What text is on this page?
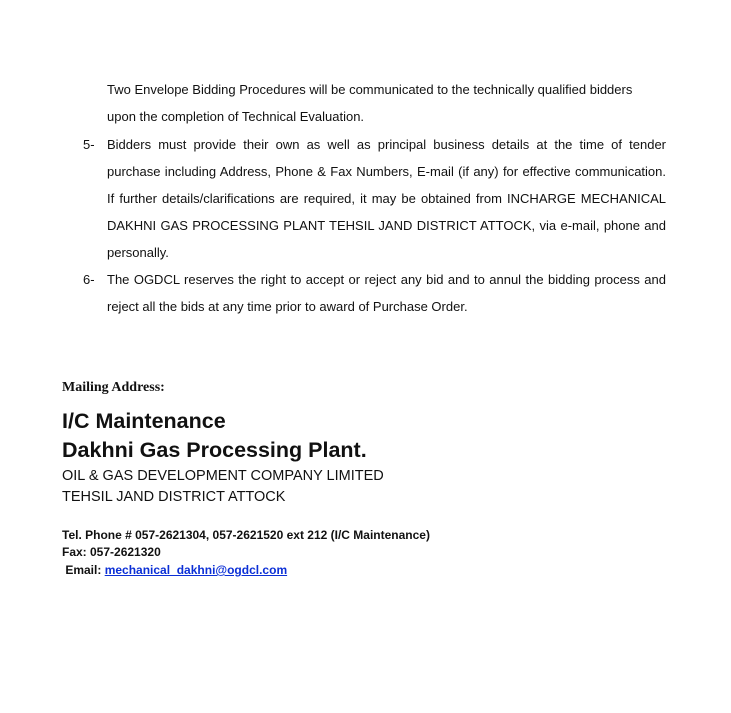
Two Envelope Bidding Procedures will be communicated to the technically qualified bidders
upon the completion of Technical Evaluation.
5- Bidders must provide their own as well as principal business details at the time of tender purchase including Address, Phone & Fax Numbers, E-mail (if any) for effective communication. If further details/clarifications are required, it may be obtained from INCHARGE MECHANICAL DAKHNI GAS PROCESSING PLANT TEHSIL JAND DISTRICT ATTOCK, via e-mail, phone and personally.
6- The OGDCL reserves the right to accept or reject any bid and to annul the bidding process and reject all the bids at any time prior to award of Purchase Order.
Mailing Address:
I/C Maintenance
Dakhni Gas Processing Plant.
OIL & GAS DEVELOPMENT COMPANY LIMITED
TEHSIL JAND DISTRICT ATTOCK
Tel. Phone # 057-2621304, 057-2621520 ext 212 (I/C Maintenance)
Fax: 057-2621320
Email: mechanical_dakhni@ogdcl.com
